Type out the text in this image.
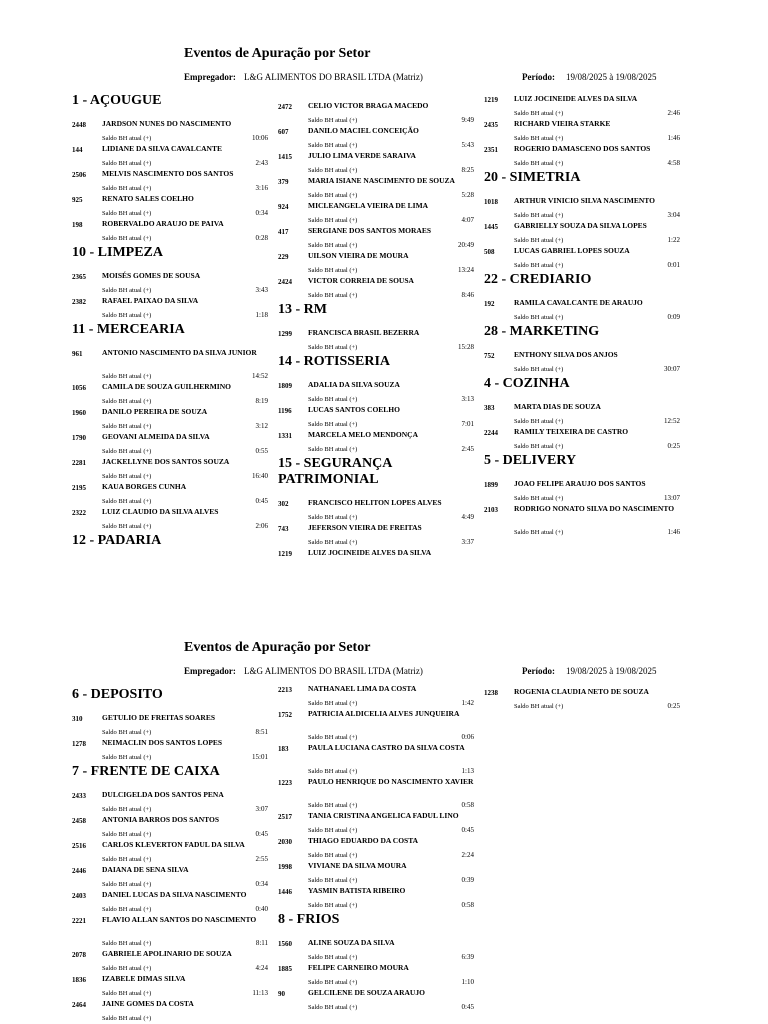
Eventos de Apuração por Setor
Empregador: L&G ALIMENTOS DO BRASIL LTDA (Matriz)	Período: 19/08/2025 à 19/08/2025
1 - AÇOUGUE
2448 JARDSON NUNES DO NASCIMENTO
Saldo BH atual (+)	10:06
144	LIDIANE DA SILVA CAVALCANTE
Saldo BH atual (+)	2:43
2506 MELVIS NASCIMENTO DOS SANTOS
Saldo BH atual (+)	3:16
925	RENATO SALES COELHO
Saldo BH atual (+)	0:34
198	ROBERVALDO ARAUJO DE PAIVA
Saldo BH atual (+)	0:28
10 - LIMPEZA
2365 MOISÉS GOMES DE SOUSA
Saldo BH atual (+)	3:43
2382 RAFAEL PAIXAO DA SILVA
Saldo BH atual (+)	1:18
11 - MERCEARIA
961	ANTONIO NASCIMENTO DA SILVA JUNIOR
Saldo BH atual (+)	14:52
1056 CAMILA DE SOUZA GUILHERMINO
Saldo BH atual (+)	8:19
1960 DANILO PEREIRA DE SOUZA
Saldo BH atual (+)	3:12
1790 GEOVANI ALMEIDA DA SILVA
Saldo BH atual (+)	0:55
2281 JACKELLYNE DOS SANTOS SOUZA
Saldo BH atual (+)	16:40
2195 KAUA BORGES CUNHA
Saldo BH atual (+)	0:45
2322 LUIZ CLAUDIO DA SILVA ALVES
Saldo BH atual (+)	2:06
12 - PADARIA
2472 CELIO VICTOR BRAGA MACEDO
Saldo BH atual (+)	9:49
607	DANILO MACIEL CONCEIÇÃO
Saldo BH atual (+)	5:43
1415 JULIO LIMA VERDE SARAIVA
Saldo BH atual (+)	8:25
379	MARIA ISIANE NASCIMENTO DE SOUZA
Saldo BH atual (+)	5:28
924	MICLEANGELA VIEIRA DE LIMA
Saldo BH atual (+)	4:07
417	SERGIANE DOS SANTOS MORAES
Saldo BH atual (+)	20:49
229	UILSON VIEIRA DE MOURA
Saldo BH atual (+)	13:24
2424 VICTOR CORREIA DE SOUSA
Saldo BH atual (+)	8:46
13 - RM
1299 FRANCISCA BRASIL BEZERRA
Saldo BH atual (+)	15:28
14 - ROTISSERIA
1809 ADALIA DA SILVA SOUZA
Saldo BH atual (+)	3:13
1196 LUCAS SANTOS COELHO
Saldo BH atual (+)	7:01
1331 MARCELA MELO MENDONÇA
Saldo BH atual (+)	2:45
15 - SEGURANÇA PATRIMONIAL
302	FRANCISCO HELITON LOPES ALVES
Saldo BH atual (+)	4:49
743	JEFERSON VIEIRA DE FREITAS
Saldo BH atual (+)	3:37
1219 LUIZ JOCINEIDE ALVES DA SILVA
1219 LUIZ JOCINEIDE ALVES DA SILVA
Saldo BH atual (+)	2:46
2435 RICHARD VIEIRA STARKE
Saldo BH atual (+)	1:46
2351 ROGERIO DAMASCENO DOS SANTOS
Saldo BH atual (+)	4:58
20 - SIMETRIA
1018 ARTHUR VINICIO SILVA NASCIMENTO
Saldo BH atual (+)	3:04
1445 GABRIELLY SOUZA DA SILVA LOPES
Saldo BH atual (+)	1:22
508	LUCAS GABRIEL LOPES SOUZA
Saldo BH atual (+)	0:01
22 - CREDIARIO
192	RAMILA CAVALCANTE DE ARAUJO
Saldo BH atual (+)	0:09
28 - MARKETING
752	ENTHONY SILVA DOS ANJOS
Saldo BH atual (+)	30:07
4 - COZINHA
383	MARTA DIAS DE SOUZA
Saldo BH atual (+)	12:52
2244 RAMILY TEIXEIRA DE CASTRO
Saldo BH atual (+)	0:25
5 - DELIVERY
1899 JOAO FELIPE ARAUJO DOS SANTOS
Saldo BH atual (+)	13:07
2103 RODRIGO NONATO SILVA DO NASCIMENTO
Saldo BH atual (+)	1:46
Eventos de Apuração por Setor
Empregador: L&G ALIMENTOS DO BRASIL LTDA (Matriz)	Período: 19/08/2025 à 19/08/2025
6 - DEPOSITO
310	GETULIO DE FREITAS SOARES
Saldo BH atual (+)	8:51
1278 NEIMACLIN DOS SANTOS LOPES
Saldo BH atual (+)	15:01
7 - FRENTE DE CAIXA
2433 DULCIGELDA DOS SANTOS PENA
Saldo BH atual (+)	3:07
2458 ANTONIA BARROS DOS SANTOS
Saldo BH atual (+)	0:45
2516 CARLOS KLEVERTON FADUL DA SILVA
Saldo BH atual (+)	2:55
2446 DAIANA DE SENA SILVA
Saldo BH atual (+)	0:34
2403 DANIEL LUCAS DA SILVA NASCIMENTO
Saldo BH atual (+)	0:40
2221 FLAVIO ALLAN SANTOS DO NASCIMENTO
Saldo BH atual (+)	8:11
2078 GABRIELE APOLINARIO DE SOUZA
Saldo BH atual (+)	4:24
1836 IZABELE DIMAS SILVA
Saldo BH atual (+)	11:13
2464 JAINE GOMES DA COSTA
Saldo BH atual (+)
2213 NATHANAEL LIMA DA COSTA
Saldo BH atual (+)	1:42
1752 PATRICIA ALDICELIA ALVES JUNQUEIRA
Saldo BH atual (+)	0:06
183	PAULA LUCIANA CASTRO DA SILVA COSTA
Saldo BH atual (+)	1:13
1223 PAULO HENRIQUE DO NASCIMENTO XAVIER
Saldo BH atual (+)	0:58
2517 TANIA CRISTINA ANGELICA FADUL LINO
Saldo BH atual (+)	0:45
2030 THIAGO EDUARDO DA COSTA
Saldo BH atual (+)	2:24
1998 VIVIANE DA SILVA MOURA
Saldo BH atual (+)	0:39
1446 YASMIN BATISTA RIBEIRO
Saldo BH atual (+)	0:58
8 - FRIOS
1560 ALINE SOUZA DA SILVA
Saldo BH atual (+)	6:39
1885 FELIPE CARNEIRO MOURA
Saldo BH atual (+)	1:10
90	GELCILENE DE SOUZA ARAUJO
Saldo BH atual (+)	0:45
1238 ROGENIA CLAUDIA NETO DE SOUZA
Saldo BH atual (+)	0:25
